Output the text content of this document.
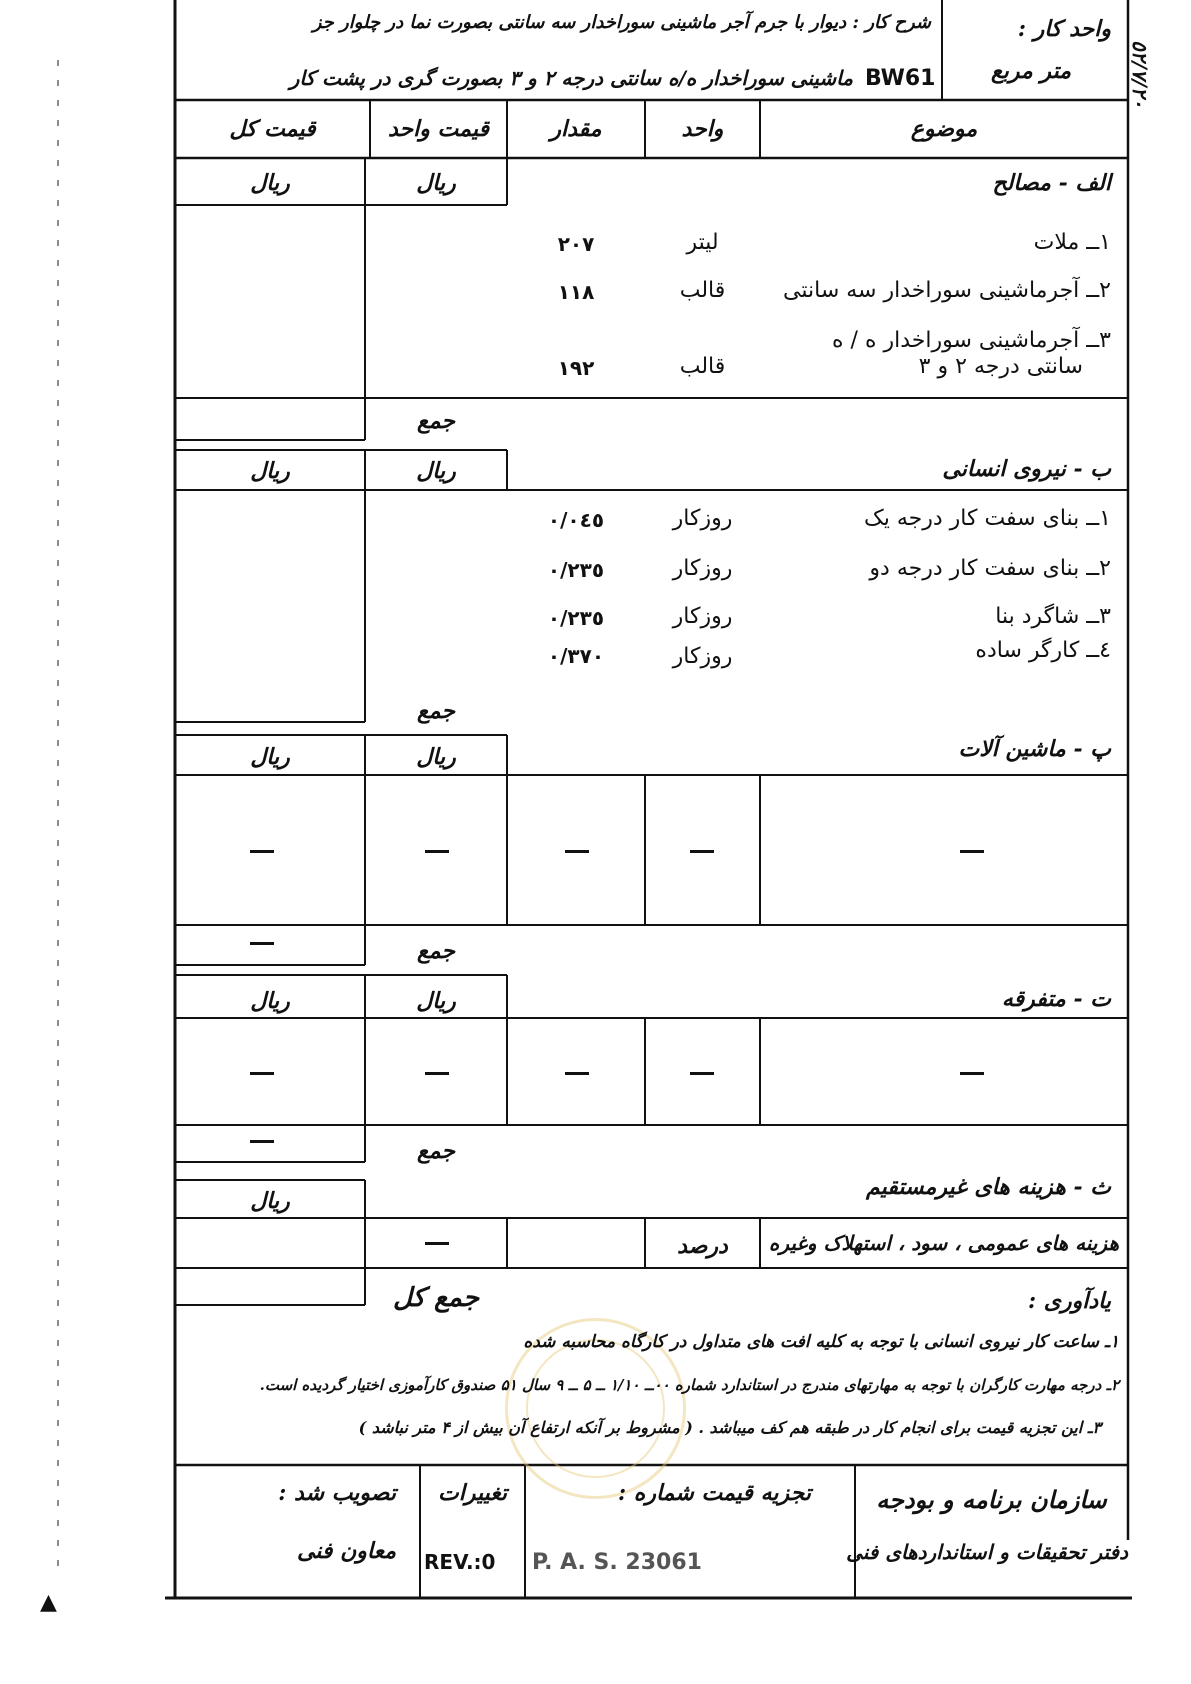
٥٢/٧/٢٠
واحد کار :
متر مربع
شرح کار : دیوار با جرم آجر ماشینی سوراخدار سه سانتی بصورت نما در چلوار جز
BW61
ماشینی سوراخدار ه/ه سانتی درجه ۲ و ۳ بصورت گری در پشت کار
موضوع
واحد
مقدار
قیمت واحد
قیمت کل
الف - مصالح
ریال
ریال
۱ــ ملات
لیتر
۲۰۷
۲ــ آجرماشینی سوراخدار سه سانتی
قالب
۱۱۸
۳ــ آجرماشینی سوراخدار ه / ه
سانتی درجه ۲ و ۳
قالب
۱۹۲
جمع
ب - نیروی انسانی
ریال
ریال
۱ــ بنای سفت کار درجه یک
روزکار
۰/۰٤٥
۲ــ بنای سفت کار درجه دو
روزکار
۰/۲۳٥
۳ــ شاگرد بنا
روزکار
۰/۲۳٥
٤ــ کارگر ساده
روزکار
۰/۳۷۰
جمع
پ - ماشین آلات
ریال
ریال
جمع
ت - متفرقه
ریال
ریال
جمع
ث - هزینه های غیرمستقیم
ریال
هزینه های عمومی ، سود ، استهلاک وغیره
درصد
جمع کل	یادآوری :
۱ـ ساعت کار نیروی انسانی با توجه به کلیه افت های متداول در کارگاه محاسبه شده
۲ـ درجه مهارت کارگران با توجه به مهارتهای مندرج در استاندارد شماره ۰۰ــ ۱/۱۰ ــ ۵ ــ ۹ سال ۵۱ صندوق کارآموزی اختیار گردیده است.
۳ـ این تجزیه قیمت برای انجام کار در طبقه هم کف میباشد . ( مشروط بر آنکه ارتفاع آن بیش از ۴ متر نباشد )
سازمان برنامه و بودجه
دفتر تحقیقات و استانداردهای فنی
تجزیه قیمت شماره :
P. A. S. 23061
تغییرات
REV.:0
تصویب شد :
معاون فنی
▲
